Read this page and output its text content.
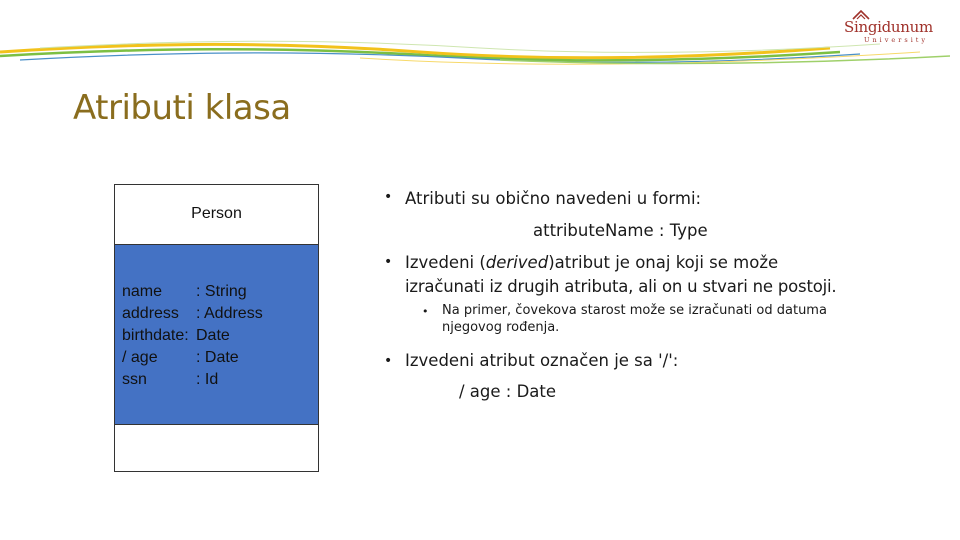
Singidunum
University
Atributi klasa
Person
name : String
address : Address
birthdate: Date
/ age : Date
ssn	: Id
• Atributi su obično navedeni u formi:
attributeName : Type
• Izvedeni (derived)atribut je onaj koji se može
izračunati iz drugih atributa, ali on u stvari ne postoji.
• Na primer, čovekova starost može se izračunati od datuma
njegovog rođenja.
• Izvedeni atribut označen je sa '/':
/ age : Date
